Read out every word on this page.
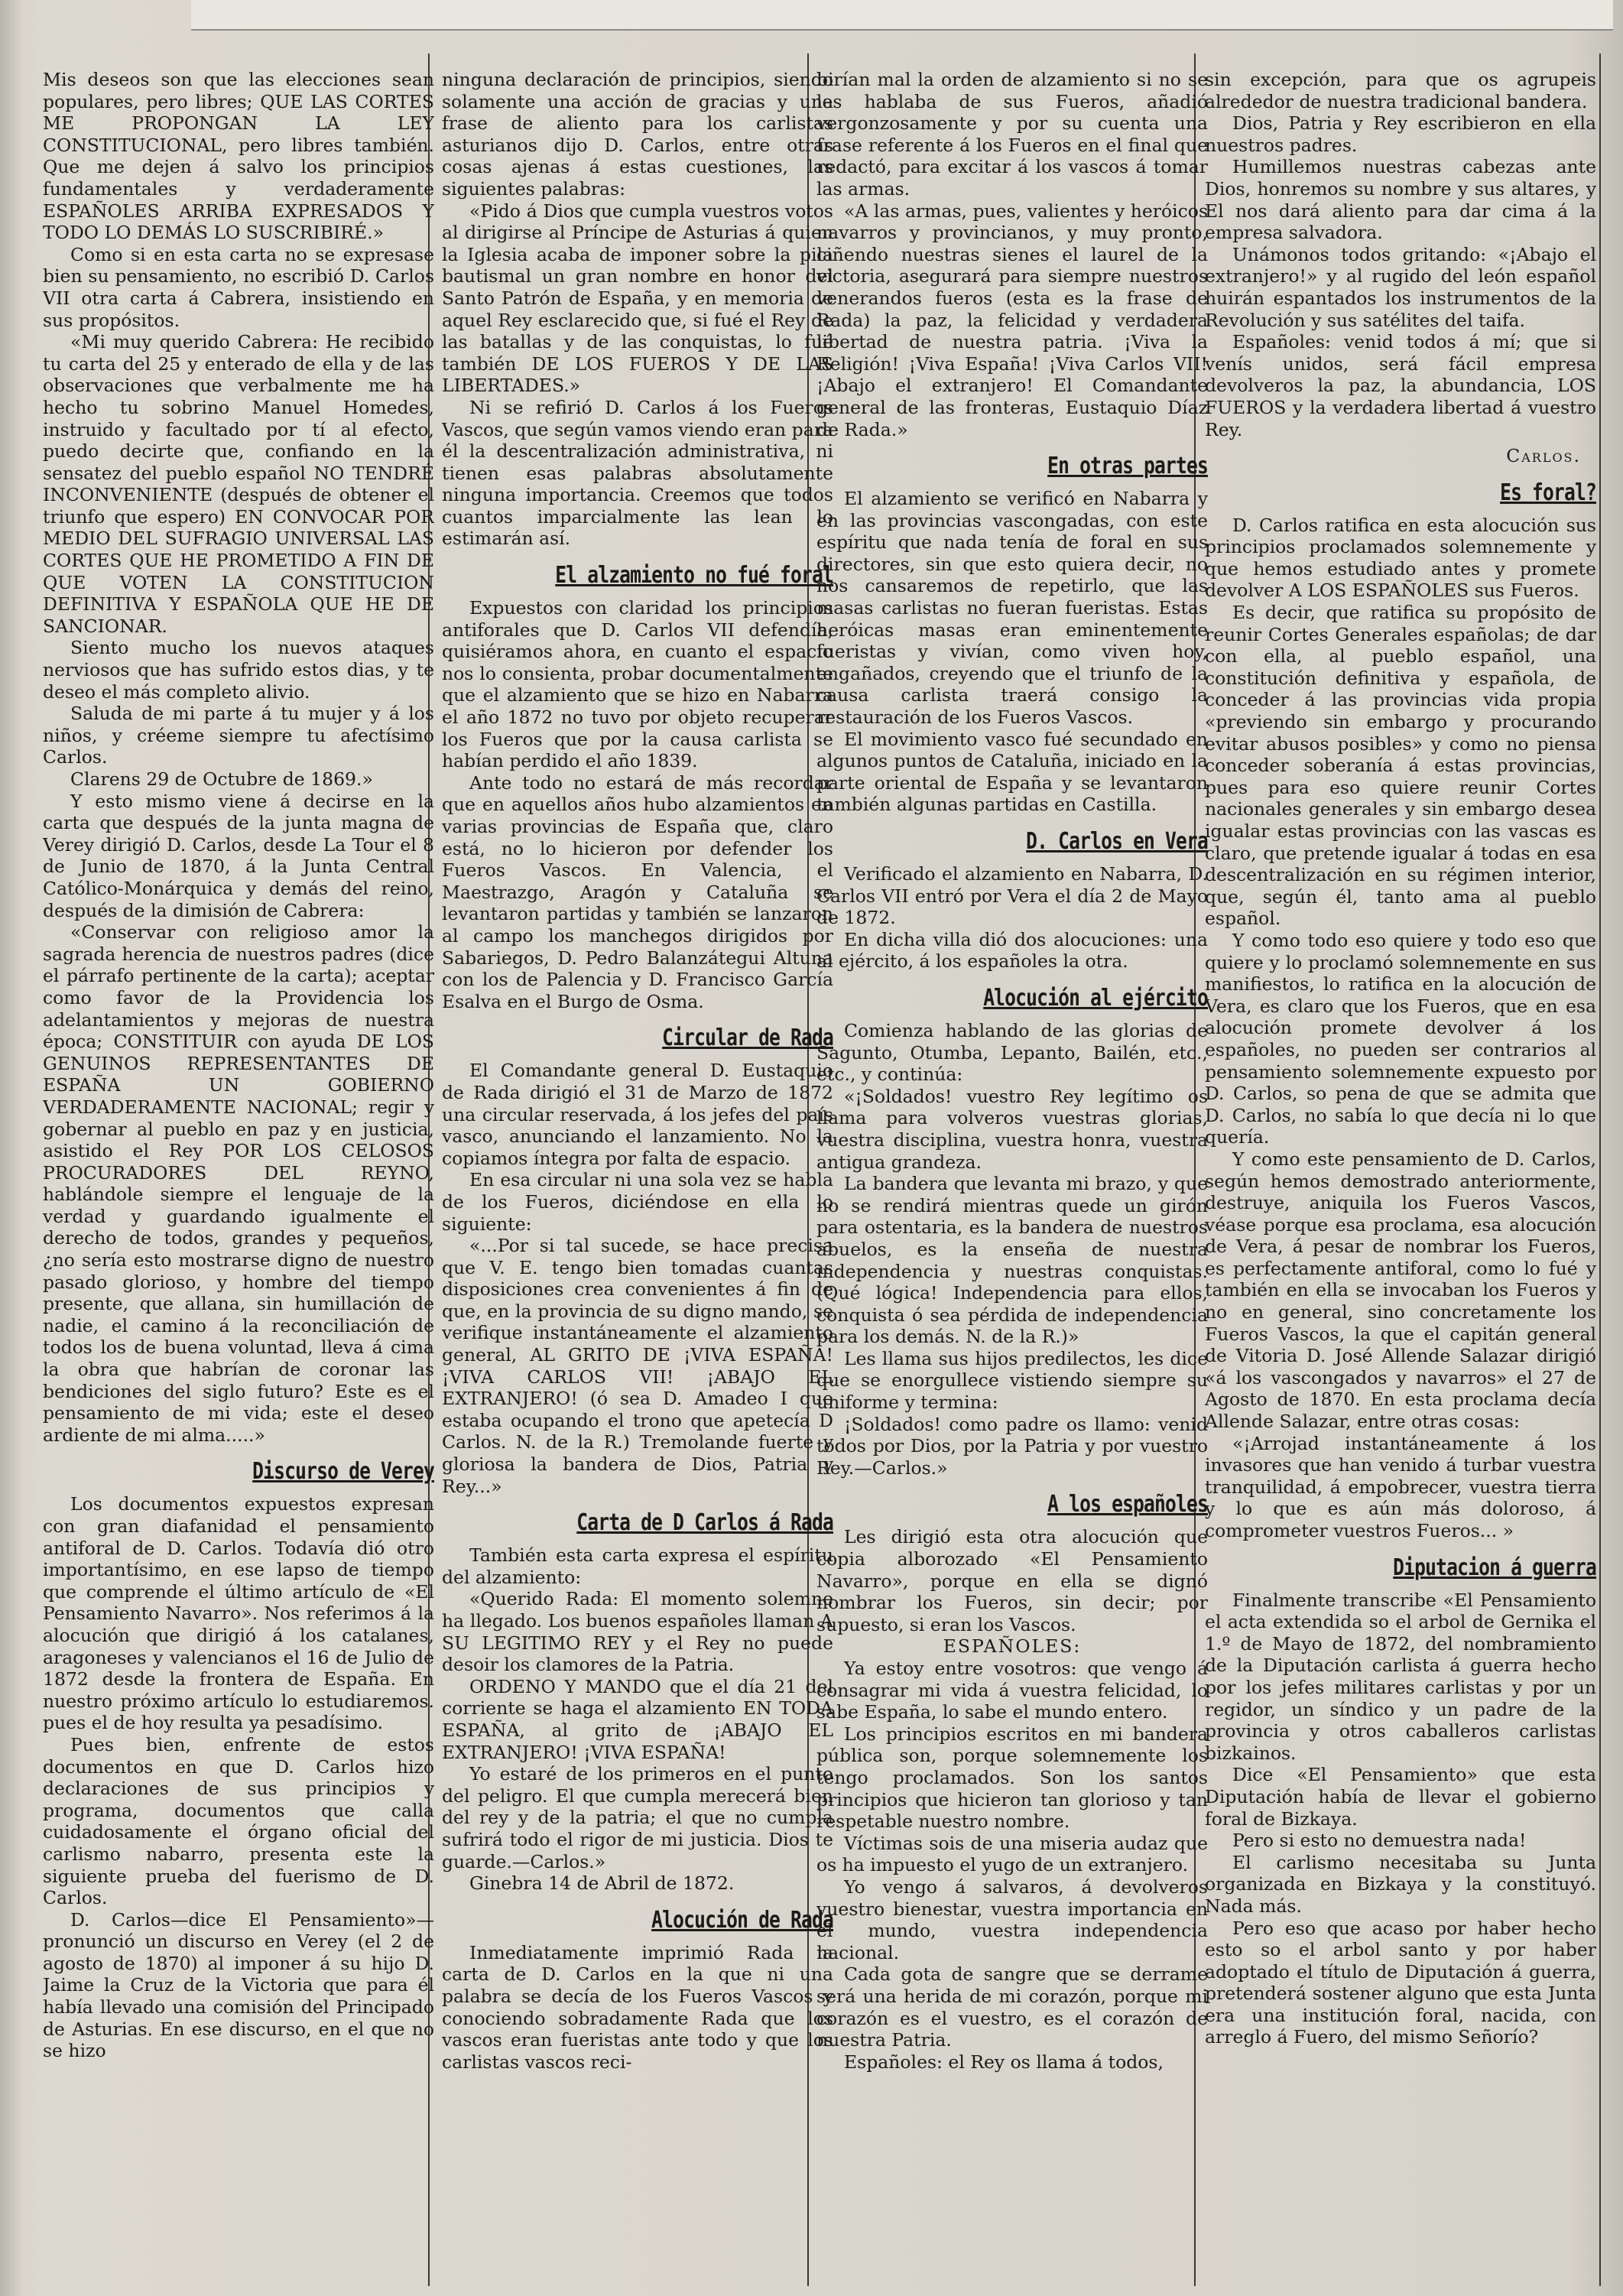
Mis deseos son que las elecciones sean populares, pero libres; QUE LAS CORTES ME PROPONGAN LA LEY CONSTITUCIONAL, pero libres también. Que me dejen á salvo los principios fundamentales y verdaderamente ESPAÑOLES ARRIBA EXPRESADOS Y TODO LO DEMÁS LO SUSCRIBIRÉ.»

Como si en esta carta no se expresase bien su pensamiento, no escribió D. Carlos VII otra carta á Cabrera, insistiendo en sus propósitos.

«Mi muy querido Cabrera: He recibido tu carta del 25 y enterado de ella y de las observaciones que verbalmente me ha hecho tu sobrino Manuel Homedes, instruido y facultado por tí al efecto, puedo decirte que, confiando en la sensatez del pueblo español NO TENDRÉ INCONVENIENTE (después de obtener el triunfo que espero) EN CONVOCAR POR MEDIO DEL SUFRAGIO UNIVERSAL LAS CORTES QUE HE PROMETIDO A FIN DE QUE VOTEN LA CONSTITUCION DEFINITIVA Y ESPAÑOLA QUE HE DE SANCIONAR.

Siento mucho los nuevos ataques nerviosos que has sufrido estos dias, y te deseo el más completo alivio.

Saluda de mi parte á tu mujer y á los niños, y créeme siempre tu afectísimo Carlos.

Clarens 29 de Octubre de 1869.»

Y esto mismo viene á decirse en la carta que después de la junta magna de Verey dirigió D. Carlos, desde La Tour el 8 de Junio de 1870, á la Junta Central Católico-Monárquica y demás del reino, después de la dimisión de Cabrera:

«Conservar con religioso amor la sagrada herencia de nuestros padres (dice el párrafo pertinente de la carta); aceptar como favor de la Providencia los adelantamientos y mejoras de nuestra época; CONSTITUIR con ayuda DE LOS GENUINOS REPRESENTANTES DE ESPAÑA UN GOBIERNO VERDADERAMENTE NACIONAL; regir y gobernar al pueblo en paz y en justicia, asistido el Rey POR LOS CELOSOS PROCURADORES DEL REYNO, hablándole siempre el lenguaje de la verdad y guardando igualmente el derecho de todos, grandes y pequeños, ¿no sería esto mostrarse digno de nuestro pasado glorioso, y hombre del tiempo presente, que allana, sin humillación de nadie, el camino á la reconciliación de todos los de buena voluntad, lleva á cima la obra que habrían de coronar las bendiciones del siglo futuro? Este es el pensamiento de mi vida; este el deseo ardiente de mi alma.....»

Discurso de Verey

Los documentos expuestos expresan con gran diafanidad el pensamiento antiforal de D. Carlos. Todavía dió otro importantísimo, en ese lapso de tiempo que comprende el último artículo de «El Pensamiento Navarro». Nos referimos á la alocución que dirigió á los catalanes, aragoneses y valencianos el 16 de Julio de 1872 desde la frontera de España. En nuestro próximo artículo lo estudiaremos. pues el de hoy resulta ya pesadísimo.

Pues bien, enfrente de estos documentos en que D. Carlos hizo declaraciones de sus principios y programa, documentos que calla cuidadosamente el órgano oficial del carlismo nabarro, presenta este la siguiente prueba del fuerismo de D. Carlos.

D. Carlos—dice El Pensamiento»—pronunció un discurso en Verey (el 2 de agosto de 1870) al imponer á su hijo D. Jaime la Cruz de la Victoria que para él había llevado una comisión del Principado de Asturias. En ese discurso, en el que no se hizo

ninguna declaración de principios, siendo solamente una acción de gracias y una frase de aliento para los carlistas asturianos dijo D. Carlos, entre otras cosas ajenas á estas cuestiones, las siguientes palabras:

«Pido á Dios que cumpla vuestros votos al dirigirse al Príncipe de Asturias á quien la Iglesia acaba de imponer sobre la pila bautismal un gran nombre en honor del Santo Patrón de España, y en memoria de aquel Rey esclarecido que, si fué el Rey de las batallas y de las conquistas, lo fué también DE LOS FUEROS Y DE LAS LIBERTADES.»

Ni se refirió D. Carlos á los Fueros Vascos, que según vamos viendo eran para él la descentralización administrativa, ni tienen esas palabras absolutamente ninguna importancia. Creemos que todos cuantos imparcialmente las lean lo estimarán así.

El alzamiento no fué foral

Expuestos con claridad los principios antiforales que D. Carlos VII defendía, quisiéramos ahora, en cuanto el espacio nos lo consienta, probar documentalmente que el alzamiento que se hizo en Nabarra el año 1872 no tuvo por objeto recuperar los Fueros que por la causa carlista se habían perdido el año 1839.

Ante todo no estará de más recordar que en aquellos años hubo alzamientos en varias provincias de España que, claro está, no lo hicieron por defender los Fueros Vascos. En Valencia, el Maestrazgo, Aragón y Cataluña se levantaron partidas y también se lanzaron al campo los manchegos dirigidos por Sabariegos, D. Pedro Balanzátegui Altuna con los de Palencia y D. Francisco García Esalva en el Burgo de Osma.

Circular de Rada

El Comandante general D. Eustaquio de Rada dirigió el 31 de Marzo de 1872 una circular reservada, á los jefes del país vasco, anunciando el lanzamiento. No la copiamos íntegra por falta de espacio.

En esa circular ni una sola vez se habla de los Fueros, diciéndose en ella lo siguiente:

«...Por si tal sucede, se hace precisa que V. E. tengo bien tomadas cuantas disposiciones crea convenientes á fin de que, en la provincia de su digno mando, se verifique instantáneamente el alzamiento general, AL GRITO DE ¡VIVA ESPAÑA! ¡VIVA CARLOS VII! ¡ABAJO EL EXTRANJERO! (ó sea D. Amadeo I que estaba ocupando el trono que apetecía D Carlos. N. de la R.) Tremolande fuerte y gloriosa la bandera de Dios, Patria y Rey...»

Carta de D Carlos á Rada

También esta carta expresa el espíritu del alzamiento:

«Querido Rada: El momento solemne ha llegado. Los buenos españoles llaman A SU LEGITIMO REY y el Rey no puede desoir los clamores de la Patria.

ORDENO Y MANDO que el día 21 del corriente se haga el alzamiento EN TODA ESPAÑA, al grito de ¡ABAJO EL EXTRANJERO! ¡VIVA ESPAÑA!

Yo estaré de los primeros en el punto del peligro. El que cumpla merecerá bien del rey y de la patria; el que no cumpla sufrirá todo el rigor de mi justicia. Dios te guarde.—Carlos.»

Ginebra 14 de Abril de 1872.

Alocución de Rada

Inmediatamente imprimió Rada la carta de D. Carlos en la que ni una palabra se decía de los Fueros Vascos y conociendo sobradamente Rada que los vascos eran fueristas ante todo y que los carlistas vascos reci-

birían mal la orden de alzamiento si no se les hablaba de sus Fueros, añadió vergonzosamente y por su cuenta una frase referente á los Fueros en el final que redactó, para excitar á los vascos á tomar las armas.

«A las armas, pues, valientes y heróicos navarros y provincianos, y muy pronto, ciñendo nuestras sienes el laurel de la victoria, asegurará para siempre nuestros venerandos fueros (esta es la frase de Rada) la paz, la felicidad y verdadera libertad de nuestra patria. ¡Viva la Religión! ¡Viva España! ¡Viva Carlos VII! ¡Abajo el extranjero! El Comandante general de las fronteras, Eustaquio Díaz de Rada.»

En otras partes

El alzamiento se verificó en Nabarra y en las provincias vascongadas, con este espíritu que nada tenía de foral en sus directores, sin que esto quiera decir, no nos cansaremos de repetirlo, que las masas carlistas no fueran fueristas. Estas heróicas masas eran eminentemente fueristas y vivían, como viven hoy, engañados, creyendo que el triunfo de la causa carlista traerá consigo la restauración de los Fueros Vascos.

El movimiento vasco fué secundado en algunos puntos de Cataluña, iniciado en la parte oriental de España y se levantaron también algunas partidas en Castilla.

D. Carlos en Vera

Verificado el alzamiento en Nabarra, D. Carlos VII entró por Vera el día 2 de Mayo de 1872.

En dicha villa dió dos alocuciones: una al ejército, á los españoles la otra.

Alocución al ejército

Comienza hablando de las glorias de Sagunto, Otumba, Lepanto, Bailén, etc., etc., y continúa:

«¡Soldados! vuestro Rey legítimo os llama para volveros vuestras glorias, vuestra disciplina, vuestra honra, vuestra antigua grandeza.

La bandera que levanta mi brazo, y que no se rendirá mientras quede un girón para ostentaria, es la bandera de nuestros abuelos, es la enseña de nuestra independencia y nuestras conquistas. (Qué lógica! Independencia para ellos, conquista ó sea pérdida de independencia para los demás. N. de la R.)»

Les llama sus hijos predilectos, les dice que se enorgullece vistiendo siempre su uniforme y termina:

¡Soldados! como padre os llamo: venid todos por Dios, por la Patria y por vuestro Rey.—Carlos.»

A los españoles

Les dirigió esta otra alocución que copia alborozado «El Pensamiento Navarro», porque en ella se dignó nombrar los Fueros, sin decir; por supuesto, si eran los Vascos.

ESPAÑOLES:

Ya estoy entre vosotros: que vengo á consagrar mi vida á vuestra felicidad, lo sabe España, lo sabe el mundo entero.

Los principios escritos en mi bandera pública son, porque solemnemente los tengo proclamados. Son los santos principios que hicieron tan glorioso y tan respetable nuestro nombre.

Víctimas sois de una miseria audaz que os ha impuesto el yugo de un extranjero.

Yo vengo á salvaros, á devolveros vuestro bienestar, vuestra importancia en el mundo, vuestra independencia nacional.

Cada gota de sangre que se derrame será una herida de mi corazón, porque mi corazón es el vuestro, es el corazón de nuestra Patria.

Españoles: el Rey os llama á todos,

sin excepción, para que os agrupeis alrededor de nuestra tradicional bandera.

Dios, Patria y Rey escribieron en ella nuestros padres.

Humillemos nuestras cabezas ante Dios, honremos su nombre y sus altares, y El nos dará aliento para dar cima á la empresa salvadora.

Unámonos todos gritando: «¡Abajo el extranjero!» y al rugido del león español huirán espantados los instrumentos de la Revolución y sus satélites del taifa.

Españoles: venid todos á mí; que si venís unidos, será fácil empresa devolveros la paz, la abundancia, LOS FUEROS y la verdadera libertad á vuestro Rey.

Carlos.
Es foral?

D. Carlos ratifica en esta alocución sus principios proclamados solemnemente y que hemos estudiado antes y promete devolver A LOS ESPAÑOLES sus Fueros.

Es decir, que ratifica su propósito de reunir Cortes Generales españolas; de dar con ella, al pueblo español, una constitución definitiva y española, de conceder á las provincias vida propia «previendo sin embargo y procurando evitar abusos posibles» y como no piensa conceder soberanía á estas provincias, pues para eso quiere reunir Cortes nacionales generales y sin embargo desea igualar estas provincias con las vascas es claro, que pretende igualar á todas en esa descentralización en su régimen interior, que, según él, tanto ama al pueblo español.

Y como todo eso quiere y todo eso que quiere y lo proclamó solemnemente en sus manifiestos, lo ratifica en la alocución de Vera, es claro que los Fueros, que en esa alocución promete devolver á los españoles, no pueden ser contrarios al pensamiento solemnemente expuesto por D. Carlos, so pena de que se admita que D. Carlos, no sabía lo que decía ni lo que quería.

Y como este pensamiento de D. Carlos, según hemos demostrado anteriormente, destruye, aniquila los Fueros Vascos, véase porque esa proclama, esa alocución de Vera, á pesar de nombrar los Fueros, es perfectamente antiforal, como lo fué y también en ella se invocaban los Fueros y no en general, sino concretamente los Fueros Vascos, la que el capitán general de Vitoria D. José Allende Salazar dirigió «á los vascongados y navarros» el 27 de Agosto de 1870. En esta proclama decía Allende Salazar, entre otras cosas:

«¡Arrojad instantáneamente á los invasores que han venido á turbar vuestra tranquilidad, á empobrecer, vuestra tierra y lo que es aún más doloroso, á comprometer vuestros Fueros... »

Diputacion á guerra

Finalmente transcribe «El Pensamiento el acta extendida so el arbol de Gernika el 1.º de Mayo de 1872, del nombramiento de la Diputación carlista á guerra hecho por los jefes militares carlistas y por un regidor, un síndico y un padre de la provincia y otros caballeros carlistas bizkainos.

Dice «El Pensamiento» que esta Diputación había de llevar el gobierno foral de Bizkaya.

Pero si esto no demuestra nada!

El carlismo necesitaba su Junta organizada en Bizkaya y la constituyó. Nada más.

Pero eso que acaso por haber hecho esto so el arbol santo y por haber adoptado el título de Diputación á guerra, pretenderá sostener alguno que esta Junta era una institución foral, nacida, con arreglo á Fuero, del mismo Señorío?
